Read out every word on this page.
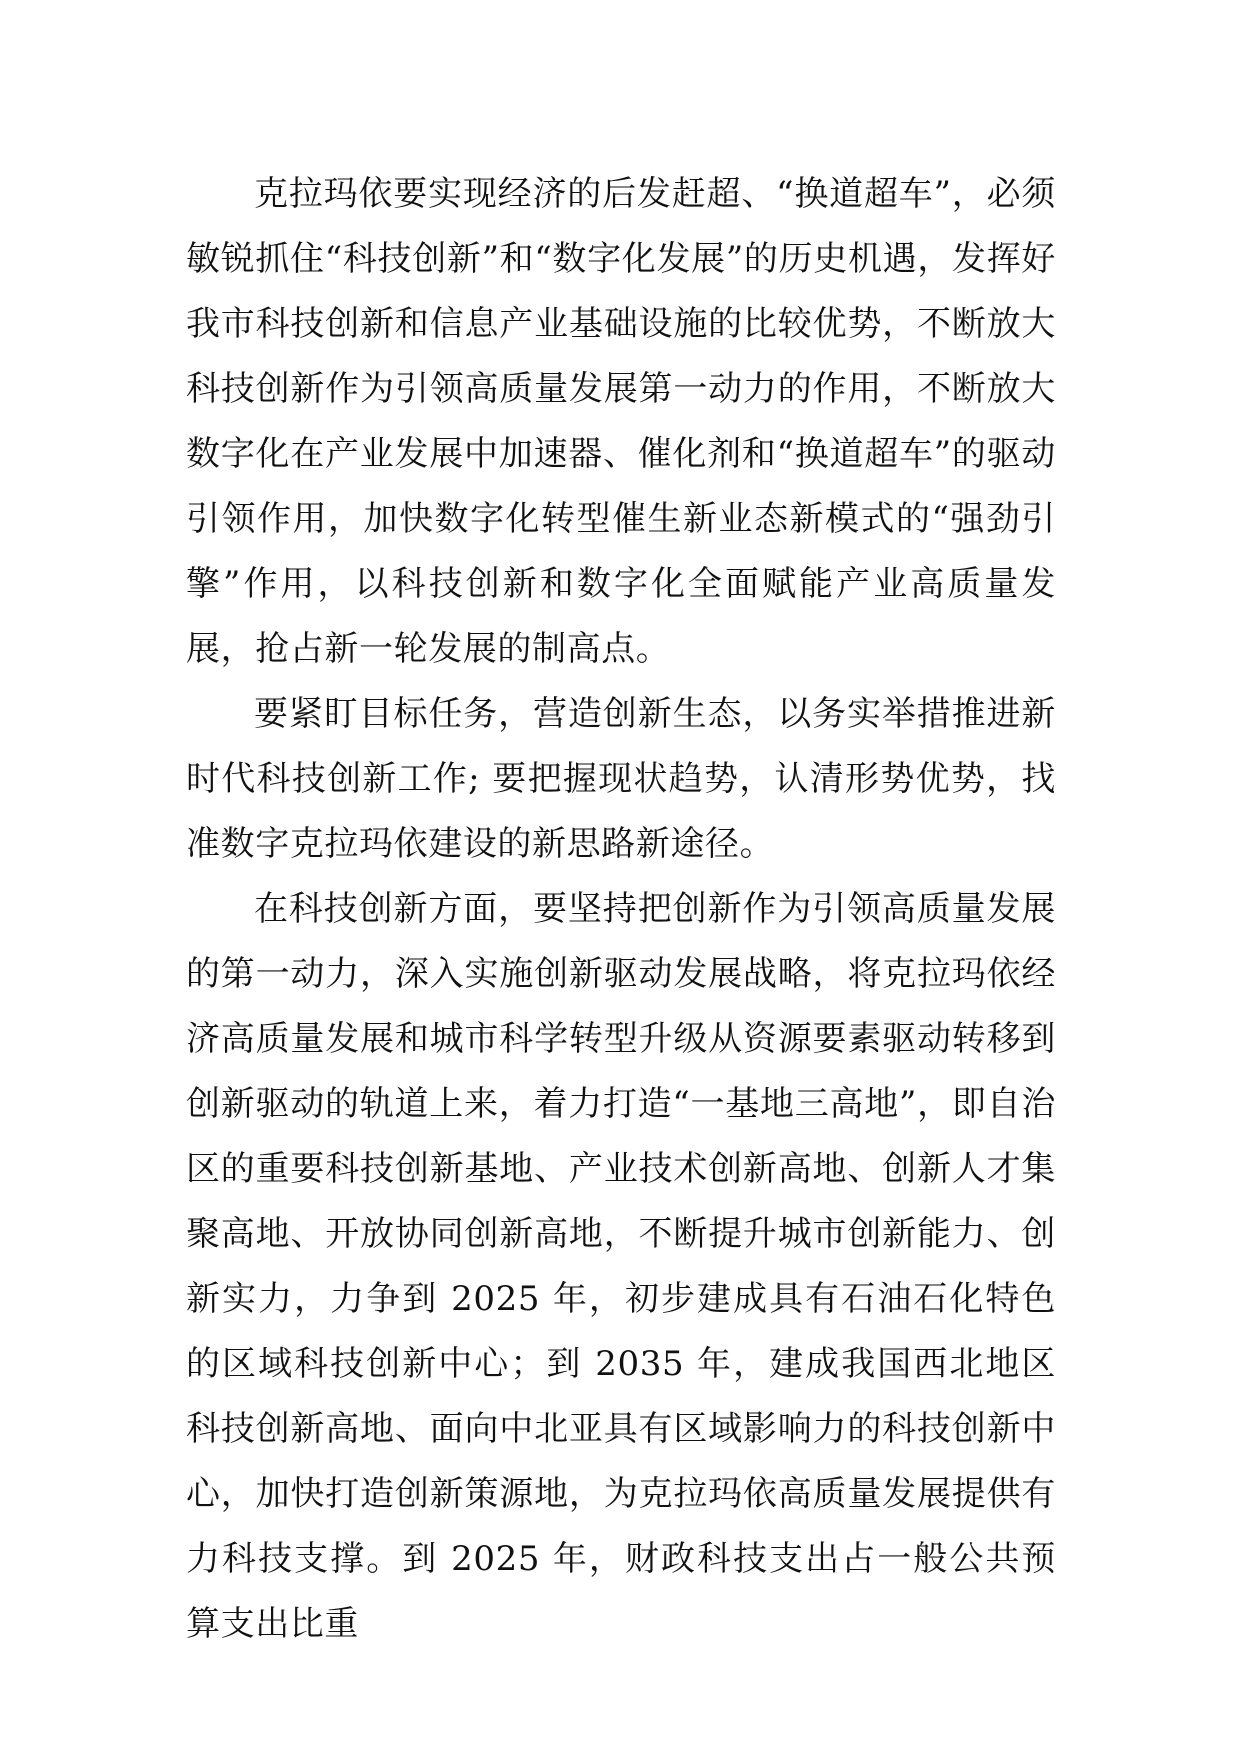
克拉玛依要实现经济的后发赶超、“换道超车”，必须敏锐抓住“科技创新”和“数字化发展”的历史机遇，发挥好我市科技创新和信息产业基础设施的比较优势，不断放大科技创新作为引领高质量发展第一动力的作用，不断放大数字化在产业发展中加速器、催化剂和“换道超车”的驱动引领作用，加快数字化转型催生新业态新模式的“强劲引擎”作用，以科技创新和数字化全面赋能产业高质量发展，抢占新一轮发展的制高点。

要紧盯目标任务，营造创新生态，以务实举措推进新时代科技创新工作; 要把握现状趋势，认清形势优势，找准数字克拉玛依建设的新思路新途径。

在科技创新方面，要坚持把创新作为引领高质量发展的第一动力，深入实施创新驱动发展战略，将克拉玛依经济高质量发展和城市科学转型升级从资源要素驱动转移到创新驱动的轨道上来，着力打造“一基地三高地”，即自治区的重要科技创新基地、产业技术创新高地、创新人才集聚高地、开放协同创新高地，不断提升城市创新能力、创新实力，力争到 2025 年，初步建成具有石油石化特色的区域科技创新中心；到 2035 年，建成我国西北地区科技创新高地、面向中北亚具有区域影响力的科技创新中心，加快打造创新策源地，为克拉玛依高质量发展提供有力科技支撑。到 2025 年，财政科技支出占一般公共预算支出比重
